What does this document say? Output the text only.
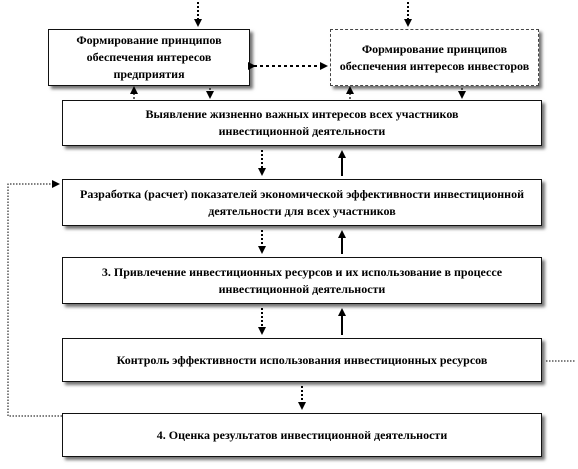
Формирование принципов обеспечения интересов предприятия
Формирование принципов обеспечения интересов инвесторов
Выявление жизненно важных интересов всех участников инвестиционной деятельности
Разработка (расчет) показателей экономической эффективности инвестиционной деятельности для всех участников
3. Привлечение инвестиционных ресурсов и их использование в процессе инвестиционной деятельности
Контроль эффективности использования инвестиционных ресурсов
4. Оценка результатов инвестиционной деятельности
